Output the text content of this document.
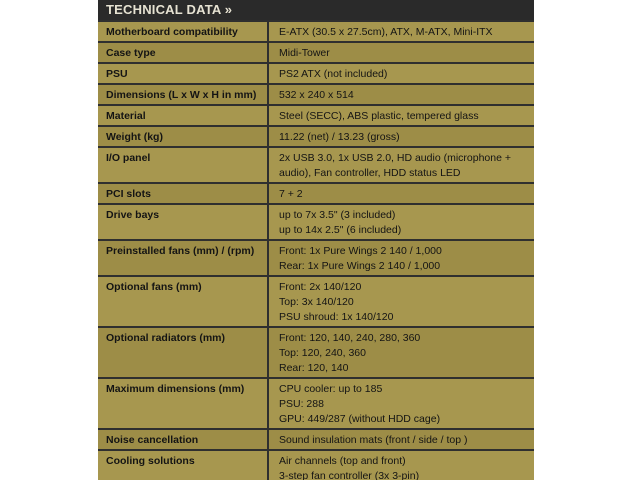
TECHNICAL DATA »
Motherboard compatibility	E-ATX (30.5 x 27.5cm), ATX, M-ATX, Mini-ITX

Case type	Midi-Tower

PSU	PS2 ATX (not included)

Dimensions (L x W x H in mm)	532 x 240 x 514

Material	Steel (SECC), ABS plastic, tempered glass

Weight (kg)	11.22 (net) / 13.23 (gross)

I/O panel	2x USB 3.0, 1x USB 2.0, HD audio (microphone +
audio), Fan controller, HDD status LED

PCI slots	7 + 2

Drive bays	up to 7x 3.5" (3 included)
up to 14x 2.5" (6 included)

Preinstalled fans (mm) / (rpm)	Front: 1x Pure Wings 2 140 / 1,000
Rear: 1x Pure Wings 2 140 / 1,000

Optional fans (mm)	Front: 2x 140/120
Top: 3x 140/120
PSU shroud: 1x 140/120

Optional radiators (mm)	Front: 120, 140, 240, 280, 360
Top: 120, 240, 360
Rear: 120, 140

Maximum dimensions (mm)	CPU cooler: up to 185
PSU: 288
GPU: 449/287 (without HDD cage)

Noise cancellation	Sound insulation mats (front / side / top )

Cooling solutions	Air channels (top and front)
3-step fan controller (3x 3-pin)
